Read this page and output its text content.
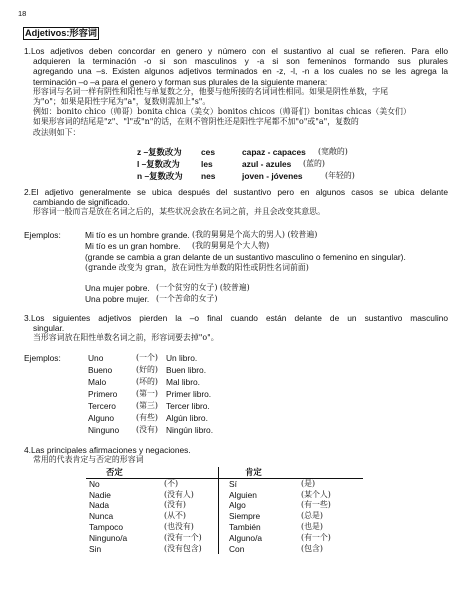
18
Adjetivos:形容词
1.Los adjetivos deben concordar en genero y número con el sustantivo al cual se refieren. Para ello
adquieren la terminación -o si son masculinos y -a si son femeninos formando sus plurales
agregando una –s. Existen algunos adjetivos terminados en -z, -l, -n a los cuales no se les agrega la
terminación –o –a para el genero y forman sus plurales de la siguiente manera:
形容词与名词一样有阴性和阳性与单复数之分，他要与他所接的名词词性相同。如果是阴性单数，字尾
为"o"；如果是阳性字尾为"a"，复数则需加上"s"。
例如：bonito chico（帅哥）bonita chica（美女）bonitos chicos（帅哥们）bonitas chicas（美女们）
如果形容词的结尾是"z"、"l"或"n"的话，在则不管阴性还是阳性字尾都不加"o"或"a"，复数的
改法则如下：
z –复数改为 ces	capaz - capaces (宽敞的)
l –复数改为	les	azul - azules (蓝的)
n –复数改为 nes	joven - jóvenes	(年轻的)
2.El adjetivo generalmente se ubica después del sustantivo pero en algunos casos se ubica delante
cambiando de significado.
形容词一般而言是放在名词之后的，某些状况会放在名词之前，并且会改变其意思。
Ejemplos:	Mi tío es un hombre grande. (我的舅舅是个高大的男人) (较普遍)
Mi tío es un gran hombre. (我的舅舅是个大人物)
(grande se cambia a gran delante de un sustantivo masculino o femenino en singular).
(grande 改变为 gran，放在词性为单数的阳性或阴性名词前面)
Una mujer pobre. (一个贫穷的女子) (较普遍)
Una pobre mujer. (一个苦命的女子)
3.Los siguientes adjetivos pierden la –o final cuando están delante de un sustantivo masculino
singular.
当形容词放在阳性单数名词之前，形容词要去掉"o"。
Ejemplos:	Uno	(一个) Un libro.
Bueno	(好的) Buen libro.
Malo	(坏的) Mal libro.
Primero (第一) Primer libro.
Tercero	(第三) Tercer libro.
Alguno	(有些) Algún libro.
Ninguno (没有) Ningún libro.
4.Las principales afirmaciones y negaciones.
常用的代表肯定与否定的形容词
否定		肯定	
No	(不)	Sí	(是)
Nadie	(没有人)	Alguien	(某个人)
Nada	(没有)	Algo	(有一些)
Nunca	(从不)	Siempre	(总是)
Tampoco	(也没有)	También	(也是)
Ninguno/a	(没有一个)	Alguno/a	(有一个)
Sin	(没有包含)	Con	(包含)
